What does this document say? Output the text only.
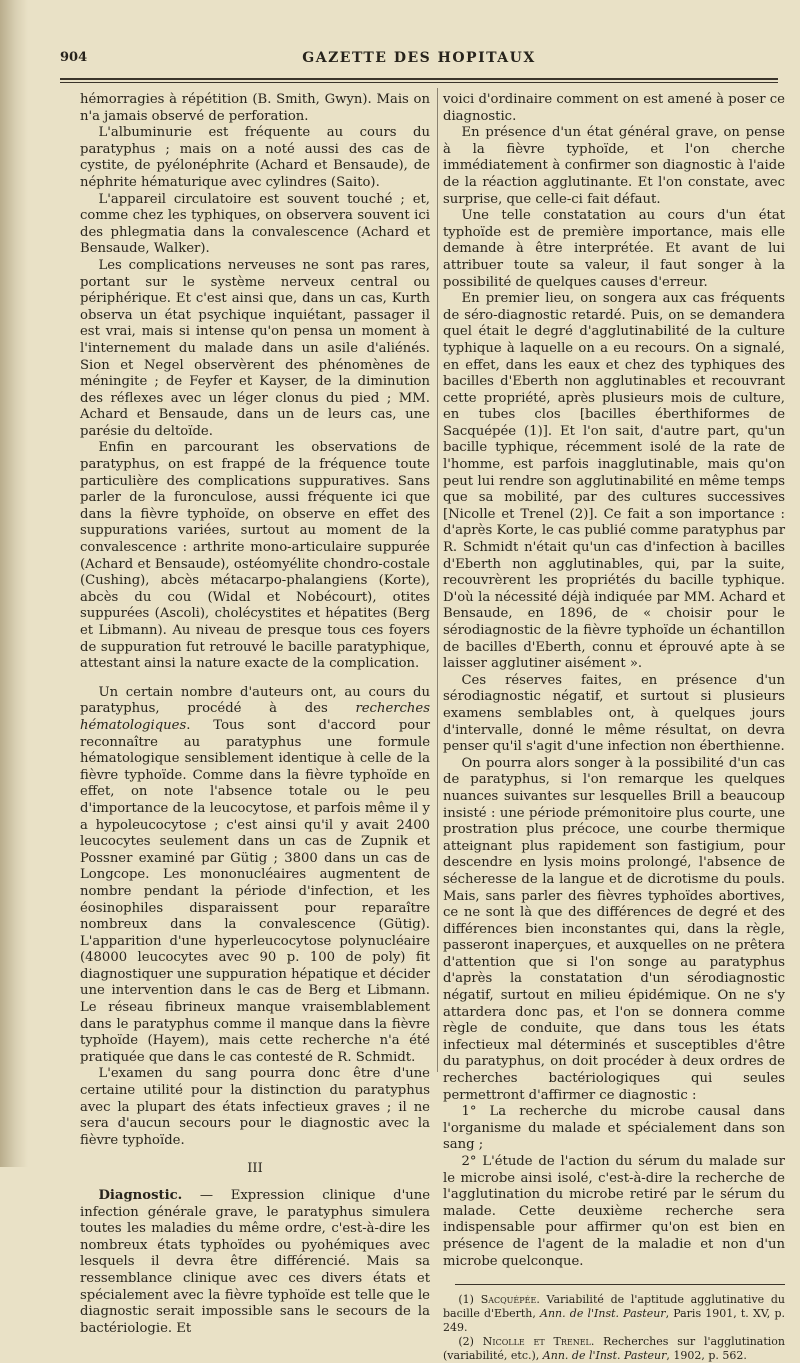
904	GAZETTE DES HOPITAUX

hémorragies à répétition (B. Smith, Gwyn). Mais on n'a jamais observé de perforation.

L'albuminurie est fréquente au cours du paratyphus ; mais on a noté aussi des cas de cystite, de pyélonéphrite (Achard et Bensaude), de néphrite hématurique avec cylindres (Saito).

L'appareil circulatoire est souvent touché ; et, comme chez les typhiques, on observera souvent ici des phlegmatia dans la convalescence (Achard et Bensaude, Walker).

Les complications nerveuses ne sont pas rares, portant sur le système nerveux central ou périphérique. Et c'est ainsi que, dans un cas, Kurth observa un état psychique inquiétant, passager il est vrai, mais si intense qu'on pensa un moment à l'internement du malade dans un asile d'aliénés. Sion et Negel observèrent des phénomènes de méningite ; de Feyfer et Kayser, de la diminution des réflexes avec un léger clonus du pied ; MM. Achard et Bensaude, dans un de leurs cas, une parésie du deltoïde.

Enfin en parcourant les observations de paratyphus, on est frappé de la fréquence toute particulière des complications suppuratives. Sans parler de la furonculose, aussi fréquente ici que dans la fièvre typhoïde, on observe en effet des suppurations variées, surtout au moment de la convalescence : arthrite mono-articulaire suppurée (Achard et Bensaude), ostéomyélite chondro-costale (Cushing), abcès métacarpo-phalangiens (Korte), abcès du cou (Widal et Nobécourt), otites suppurées (Ascoli), cholécystites et hépatites (Berg et Libmann). Au niveau de presque tous ces foyers de suppuration fut retrouvé le bacille paratyphique, attestant ainsi la nature exacte de la complication.

Un certain nombre d'auteurs ont, au cours du paratyphus, procédé à des recherches hématologiques. Tous sont d'accord pour reconnaître au paratyphus une formule hématologique sensiblement identique à celle de la fièvre typhoïde. Comme dans la fièvre typhoïde en effet, on note l'absence totale ou le peu d'importance de la leucocytose, et parfois même il y a hypoleucocytose ; c'est ainsi qu'il y avait 2400 leucocytes seulement dans un cas de Zupnik et Possner examiné par Gütig ; 3800 dans un cas de Longcope. Les mononucléaires augmentent de nombre pendant la période d'infection, et les éosinophiles disparaissent pour reparaître nombreux dans la convalescence (Gütig). L'apparition d'une hyperleucocytose polynucléaire (48000 leucocytes avec 90 p. 100 de poly) fit diagnostiquer une suppuration hépatique et décider une intervention dans le cas de Berg et Libmann. Le réseau fibrineux manque vraisemblablement dans le paratyphus comme il manque dans la fièvre typhoïde (Hayem), mais cette recherche n'a été pratiquée que dans le cas contesté de R. Schmidt.

L'examen du sang pourra donc être d'une certaine utilité pour la distinction du paratyphus avec la plupart des états infectieux graves ; il ne sera d'aucun secours pour le diagnostic avec la fièvre typhoïde.

III

Diagnostic. — Expression clinique d'une infection générale grave, le paratyphus simulera toutes les maladies du même ordre, c'est-à-dire les nombreux états typhoïdes ou pyohémiques avec lesquels il devra être différencié. Mais sa ressemblance clinique avec ces divers états et spécialement avec la fièvre typhoïde est telle que le diagnostic serait impossible sans le secours de la bactériologie. Et

voici d'ordinaire comment on est amené à poser ce diagnostic.

En présence d'un état général grave, on pense à la fièvre typhoïde, et l'on cherche immédiatement à confirmer son diagnostic à l'aide de la réaction agglutinante. Et l'on constate, avec surprise, que celle-ci fait défaut.

Une telle constatation au cours d'un état typhoïde est de première importance, mais elle demande à être interprétée. Et avant de lui attribuer toute sa valeur, il faut songer à la possibilité de quelques causes d'erreur.

En premier lieu, on songera aux cas fréquents de séro-diagnostic retardé. Puis, on se demandera quel était le degré d'agglutinabilité de la culture typhique à laquelle on a eu recours. On a signalé, en effet, dans les eaux et chez des typhiques des bacilles d'Eberth non agglutinables et recouvrant cette propriété, après plusieurs mois de culture, en tubes clos [bacilles éberthiformes de Sacquépée (1)]. Et l'on sait, d'autre part, qu'un bacille typhique, récemment isolé de la rate de l'homme, est parfois inagglutinable, mais qu'on peut lui rendre son agglutinabilité en même temps que sa mobilité, par des cultures successives [Nicolle et Trenel (2)]. Ce fait a son importance : d'après Korte, le cas publié comme paratyphus par R. Schmidt n'était qu'un cas d'infection à bacilles d'Eberth non agglutinables, qui, par la suite, recouvrèrent les propriétés du bacille typhique. D'où la nécessité déjà indiquée par MM. Achard et Bensaude, en 1896, de « choisir pour le sérodiagnostic de la fièvre typhoïde un échantillon de bacilles d'Eberth, connu et éprouvé apte à se laisser agglutiner aisément ».

Ces réserves faites, en présence d'un sérodiagnostic négatif, et surtout si plusieurs examens semblables ont, à quelques jours d'intervalle, donné le même résultat, on devra penser qu'il s'agit d'une infection non éberthienne.

On pourra alors songer à la possibilité d'un cas de paratyphus, si l'on remarque les quelques nuances suivantes sur lesquelles Brill a beaucoup insisté : une période prémonitoire plus courte, une prostration plus précoce, une courbe thermique atteignant plus rapidement son fastigium, pour descendre en lysis moins prolongé, l'absence de sécheresse de la langue et de dicrotisme du pouls. Mais, sans parler des fièvres typhoïdes abortives, ce ne sont là que des différences de degré et des différences bien inconstantes qui, dans la règle, passeront inaperçues, et auxquelles on ne prêtera d'attention que si l'on songe au paratyphus d'après la constatation d'un sérodiagnostic négatif, surtout en milieu épidémique. On ne s'y attardera donc pas, et l'on se donnera comme règle de conduite, que dans tous les états infectieux mal déterminés et susceptibles d'être du paratyphus, on doit procéder à deux ordres de recherches bactériologiques qui seules permettront d'affirmer ce diagnostic :

1° La recherche du microbe causal dans l'organisme du malade et spécialement dans son sang ;

2° L'étude de l'action du sérum du malade sur le microbe ainsi isolé, c'est-à-dire la recherche de l'agglutination du microbe retiré par le sérum du malade. Cette deuxième recherche sera indispensable pour affirmer qu'on est bien en présence de l'agent de la maladie et non d'un microbe quelconque.

(1) Sacquépée. Variabilité de l'aptitude agglutinative du bacille d'Eberth, Ann. de l'Inst. Pasteur, Paris 1901, t. XV, p. 249.

(2) Nicolle et Trenel. Recherches sur l'agglutination (variabilité, etc.), Ann. de l'Inst. Pasteur, 1902, p. 562.
